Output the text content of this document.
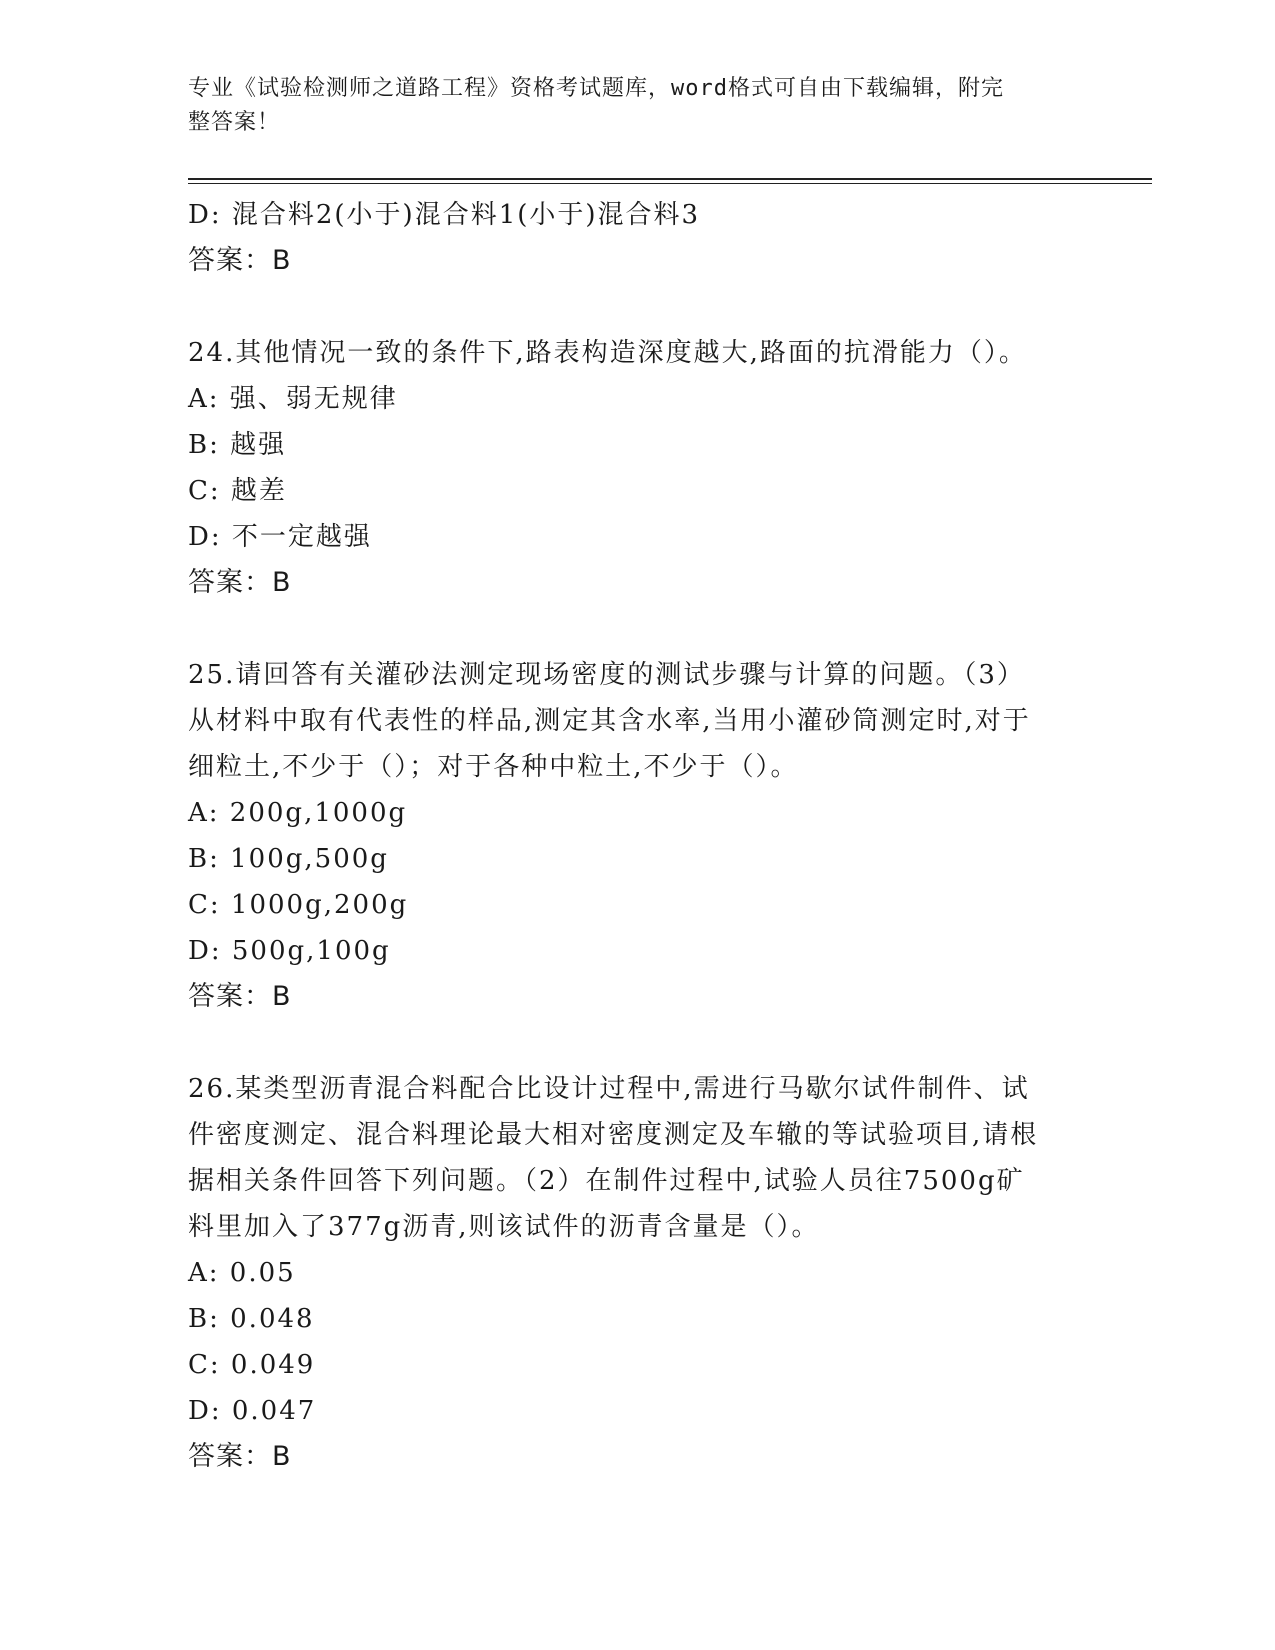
专业《试验检测师之道路工程》资格考试题库，word格式可自由下载编辑，附完
整答案！
D: 混合料2(小于)混合料1(小于)混合料3
答案：B
24.其他情况一致的条件下,路表构造深度越大,路面的抗滑能力（）。
A: 强、弱无规律
B: 越强
C: 越差
D: 不一定越强
答案：B
25.请回答有关灌砂法测定现场密度的测试步骤与计算的问题。（3）
从材料中取有代表性的样品,测定其含水率,当用小灌砂筒测定时,对于
细粒土,不少于（）；对于各种中粒土,不少于（）。
A: 200g,1000g
B: 100g,500g
C: 1000g,200g
D: 500g,100g
答案：B
26.某类型沥青混合料配合比设计过程中,需进行马歇尔试件制件、试
件密度测定、混合料理论最大相对密度测定及车辙的等试验项目,请根
据相关条件回答下列问题。（2）在制件过程中,试验人员往7500g矿
料里加入了377g沥青,则该试件的沥青含量是（）。
A: 0.05
B: 0.048
C: 0.049
D: 0.047
答案：B
